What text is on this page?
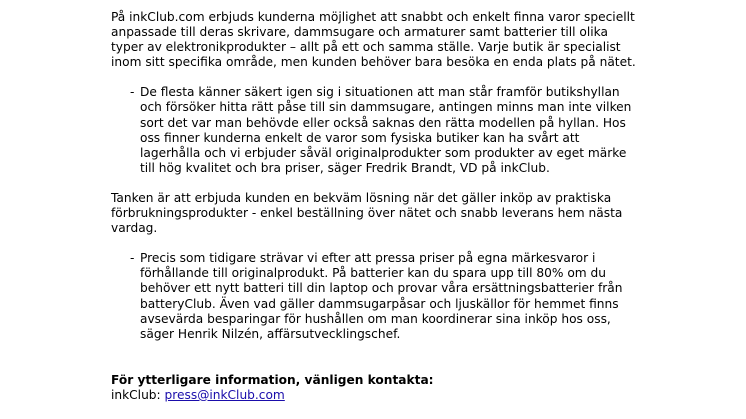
På inkClub.com erbjuds kunderna möjlighet att snabbt och enkelt finna varor speciellt anpassade till deras skrivare, dammsugare och armaturer samt batterier till olika typer av elektronikprodukter – allt på ett och samma ställe. Varje butik är specialist inom sitt specifika område, men kunden behöver bara besöka en enda plats på nätet.

- De flesta känner säkert igen sig i situationen att man står framför butikshyllan och försöker hitta rätt påse till sin dammsugare, antingen minns man inte vilken sort det var man behövde eller också saknas den rätta modellen på hyllan. Hos oss finner kunderna enkelt de varor som fysiska butiker kan ha svårt att lagerhålla och vi erbjuder såväl originalprodukter som produkter av eget märke till hög kvalitet och bra priser, säger Fredrik Brandt, VD på inkClub.

Tanken är att erbjuda kunden en bekväm lösning när det gäller inköp av praktiska förbrukningsprodukter - enkel beställning över nätet och snabb leverans hem nästa vardag.

- Precis som tidigare strävar vi efter att pressa priser på egna märkesvaror i förhållande till originalprodukt. På batterier kan du spara upp till 80% om du behöver ett nytt batteri till din laptop och provar våra ersättningsbatterier från batteryClub. Även vad gäller dammsugarpåsar och ljuskällor för hemmet finns avsevärda besparingar för hushållen om man koordinerar sina inköp hos oss, säger Henrik Nilzén, affärsutvecklingschef.
För ytterligare information, vänligen kontakta:
inkClub: press@inkClub.com
